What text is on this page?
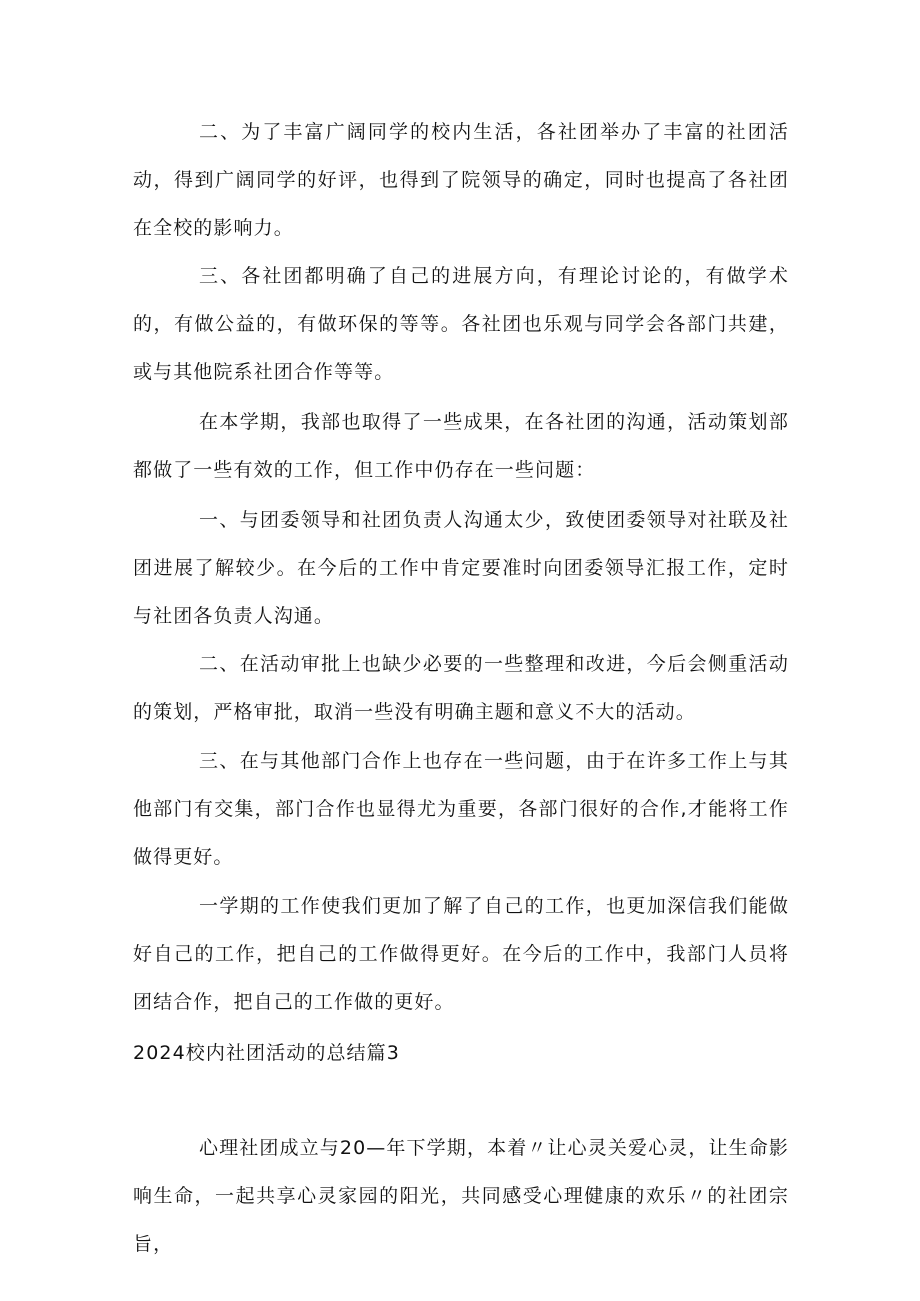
二、为了丰富广阔同学的校内生活，各社团举办了丰富的社团活动，得到广阔同学的好评，也得到了院领导的确定，同时也提高了各社团在全校的影响力。

三、各社团都明确了自己的进展方向，有理论讨论的，有做学术的，有做公益的，有做环保的等等。各社团也乐观与同学会各部门共建，或与其他院系社团合作等等。

在本学期，我部也取得了一些成果，在各社团的沟通，活动策划部都做了一些有效的工作，但工作中仍存在一些问题：

一、与团委领导和社团负责人沟通太少，致使团委领导对社联及社团进展了解较少。在今后的工作中肯定要准时向团委领导汇报工作，定时与社团各负责人沟通。

二、在活动审批上也缺少必要的一些整理和改进，今后会侧重活动的策划，严格审批，取消一些没有明确主题和意义不大的活动。

三、在与其他部门合作上也存在一些问题，由于在许多工作上与其他部门有交集，部门合作也显得尤为重要，各部门很好的合作,才能将工作做得更好。

一学期的工作使我们更加了解了自己的工作，也更加深信我们能做好自己的工作，把自己的工作做得更好。在今后的工作中，我部门人员将团结合作，把自己的工作做的更好。

2024校内社团活动的总结篇3

心理社团成立与20—年下学期，本着〃让心灵关爱心灵，让生命影响生命，一起共享心灵家园的阳光，共同感受心理健康的欢乐〃的社团宗旨，
